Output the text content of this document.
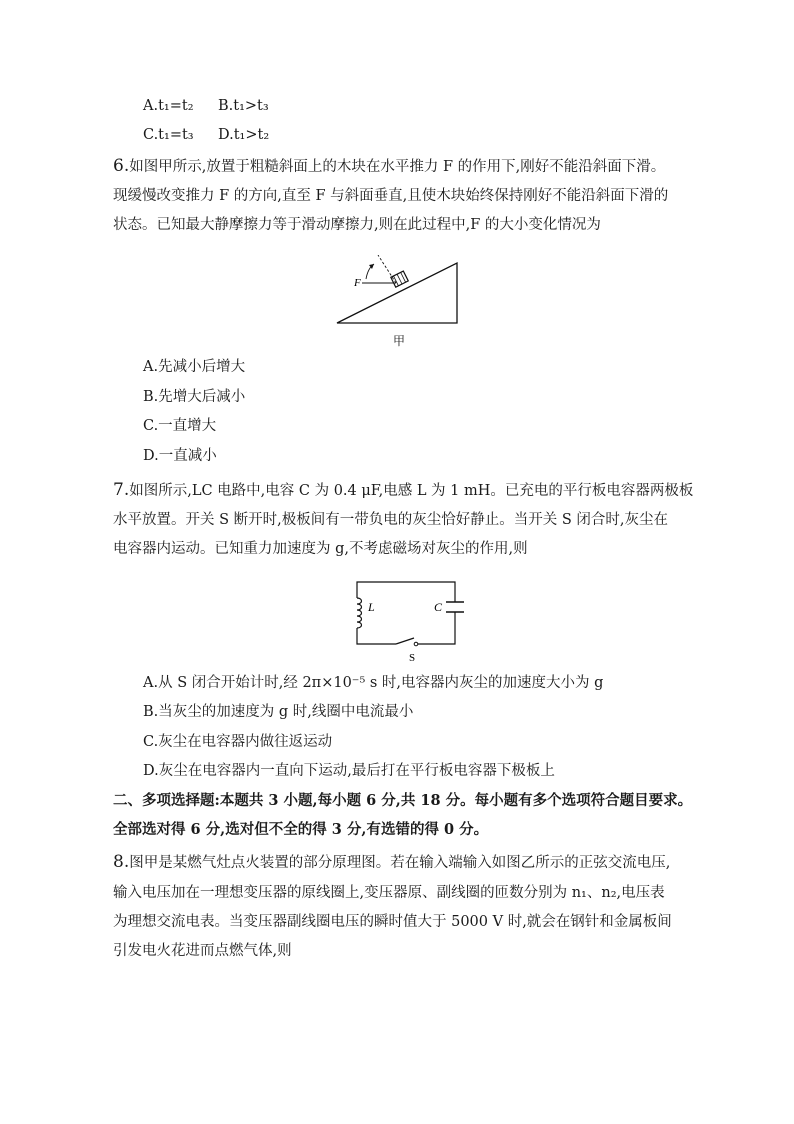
A.t₁=t₂ B.t₁>t₃
C.t₁=t₃ D.t₁>t₂
6.如图甲所示,放置于粗糙斜面上的木块在水平推力 F 的作用下,刚好不能沿斜面下滑。
现缓慢改变推力 F 的方向,直至 F 与斜面垂直,且使木块始终保持刚好不能沿斜面下滑的
状态。已知最大静摩擦力等于滑动摩擦力,则在此过程中,F 的大小变化情况为
F
甲
A.先减小后增大
B.先增大后减小
C.一直增大
D.一直减小
7.如图所示,LC 电路中,电容 C 为 0.4 μF,电感 L 为 1 mH。已充电的平行板电容器两极板
水平放置。开关 S 断开时,极板间有一带负电的灰尘恰好静止。当开关 S 闭合时,灰尘在
电容器内运动。已知重力加速度为 g,不考虑磁场对灰尘的作用,则
L	C
S
A.从 S 闭合开始计时,经 2π×10⁻⁵ s 时,电容器内灰尘的加速度大小为 g
B.当灰尘的加速度为 g 时,线圈中电流最小
C.灰尘在电容器内做往返运动
D.灰尘在电容器内一直向下运动,最后打在平行板电容器下极板上
二、多项选择题:本题共 3 小题,每小题 6 分,共 18 分。每小题有多个选项符合题目要求。
全部选对得 6 分,选对但不全的得 3 分,有选错的得 0 分。
8.图甲是某燃气灶点火装置的部分原理图。若在输入端输入如图乙所示的正弦交流电压,
输入电压加在一理想变压器的原线圈上,变压器原、副线圈的匝数分别为 n₁、n₂,电压表
为理想交流电表。当变压器副线圈电压的瞬时值大于 5000 V 时,就会在钢针和金属板间
引发电火花进而点燃气体,则
